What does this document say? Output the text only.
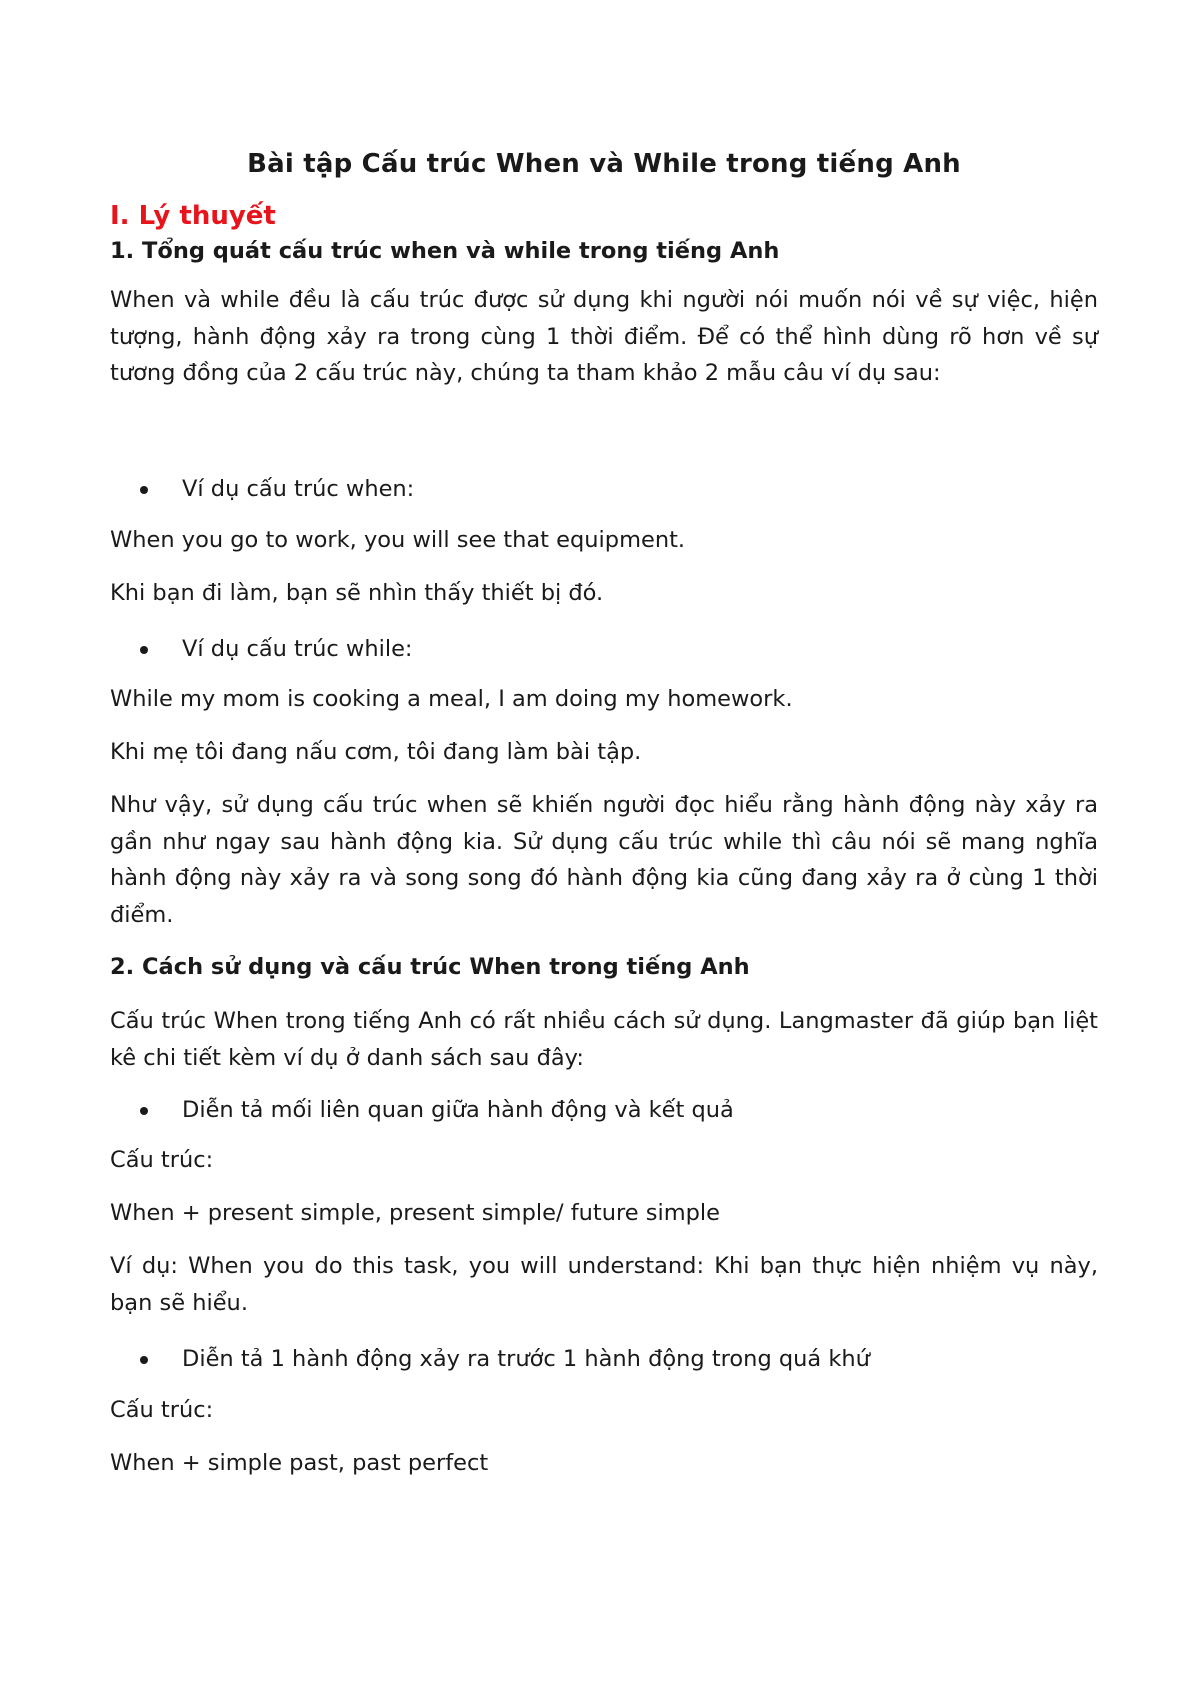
Bài tập Cấu trúc When và While trong tiếng Anh
I. Lý thuyết
1. Tổng quát cấu trúc when và while trong tiếng Anh

When và while đều là cấu trúc được sử dụng khi người nói muốn nói về sự việc, hiện tượng, hành động xảy ra trong cùng 1 thời điểm. Để có thể hình dùng rõ hơn về sự tương đồng của 2 cấu trúc này, chúng ta tham khảo 2 mẫu câu ví dụ sau:

Ví dụ cấu trúc when:

When you go to work, you will see that equipment.

Khi bạn đi làm, bạn sẽ nhìn thấy thiết bị đó.

Ví dụ cấu trúc while:

While my mom is cooking a meal, I am doing my homework.

Khi mẹ tôi đang nấu cơm, tôi đang làm bài tập.

Như vậy, sử dụng cấu trúc when sẽ khiến người đọc hiểu rằng hành động này xảy ra gần như ngay sau hành động kia. Sử dụng cấu trúc while thì câu nói sẽ mang nghĩa hành động này xảy ra và song song đó hành động kia cũng đang xảy ra ở cùng 1 thời điểm.

2. Cách sử dụng và cấu trúc When trong tiếng Anh

Cấu trúc When trong tiếng Anh có rất nhiều cách sử dụng. Langmaster đã giúp bạn liệt kê chi tiết kèm ví dụ ở danh sách sau đây:

Diễn tả mối liên quan giữa hành động và kết quả

Cấu trúc:

When + present simple, present simple/ future simple

Ví dụ: When you do this task, you will understand: Khi bạn thực hiện nhiệm vụ này, bạn sẽ hiểu.

Diễn tả 1 hành động xảy ra trước 1 hành động trong quá khứ

Cấu trúc:

When + simple past, past perfect
